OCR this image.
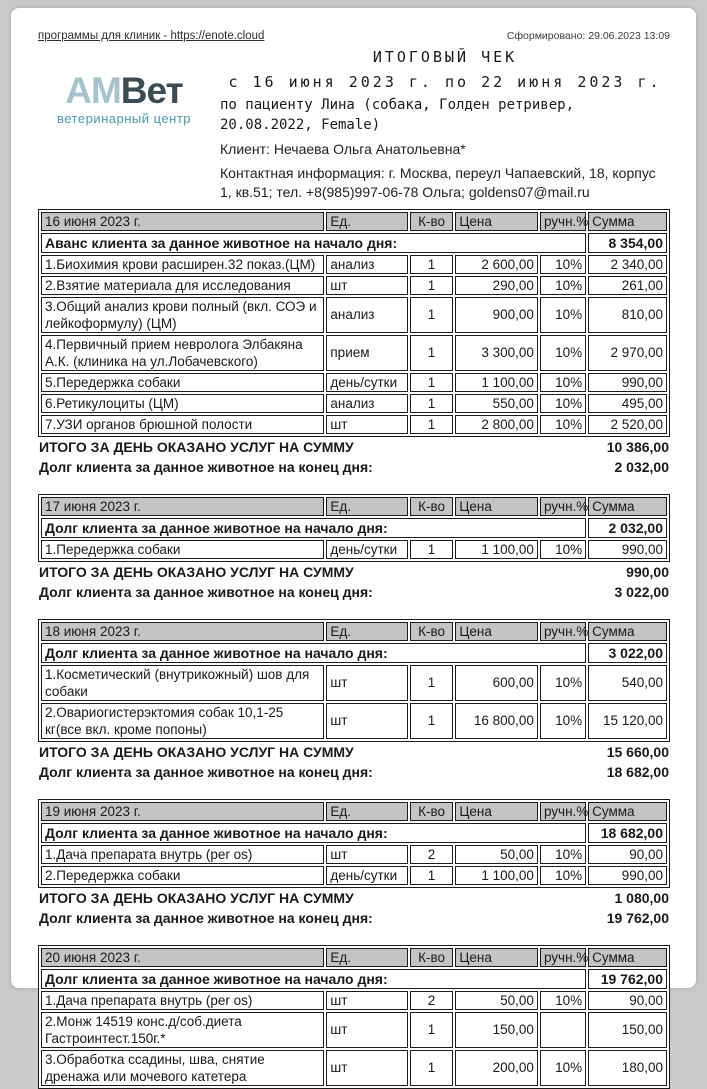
программы для клиник - https://enote.cloud	Сформировано: 29.06.2023 13:09
АМВет
ветеринарный центр
ИТОГОВЫЙ ЧЕК
с 16 июня 2023 г. по 22 июня 2023 г.
по пациенту Лина (собака, Голден ретривер, 20.08.2022, Female)
Клиент: Нечаева Ольга Анатольевна*
Контактная информация: г. Москва, переул Чапаевский, 18, корпус 1, кв.51; тел. +8(985)997-06-78 Ольга; goldens07@mail.ru
16 июня 2023 г.	Ед.	К-во	Цена	ручн.%	Сумма
Аванс клиента за данное животное на начало дня:					8 354,00
1.Биохимия крови расширен.32 показ.(ЦМ)	анализ	1	2 600,00	10%	2 340,00
2.Взятие материала для исследования	шт	1	290,00	10%	261,00
3.Общий анализ крови полный (вкл. СОЭ и лейкоформулу) (ЦМ)	анализ	1	900,00	10%	810,00
4.Первичный прием невролога Элбакяна А.К. (клиника на ул.Лобачевского)	прием	1	3 300,00	10%	2 970,00
5.Передержка собаки	день/сутки	1	1 100,00	10%	990,00
6.Ретикулоциты (ЦМ)	анализ	1	550,00	10%	495,00
7.УЗИ органов брюшной полости	шт	1	2 800,00	10%	2 520,00
ИТОГО ЗА ДЕНЬ ОКАЗАНО УСЛУГ НА СУММУ	10 386,00
Долг клиента за данное животное на конец дня:	2 032,00
17 июня 2023 г.	Ед.	К-во	Цена	ручн.%	Сумма
Долг клиента за данное животное на начало дня:					2 032,00
1.Передержка собаки	день/сутки	1	1 100,00	10%	990,00
ИТОГО ЗА ДЕНЬ ОКАЗАНО УСЛУГ НА СУММУ	990,00
Долг клиента за данное животное на конец дня:	3 022,00
18 июня 2023 г.	Ед.	К-во	Цена	ручн.%	Сумма
Долг клиента за данное животное на начало дня:					3 022,00
1.Косметический (внутрикожный) шов для собаки	шт	1	600,00	10%	540,00
2.Овариогистерэктомия собак 10,1-25 кг(все вкл. кроме попоны)	шт	1	16 800,00	10%	15 120,00
ИТОГО ЗА ДЕНЬ ОКАЗАНО УСЛУГ НА СУММУ	15 660,00
Долг клиента за данное животное на конец дня:	18 682,00
19 июня 2023 г.	Ед.	К-во	Цена	ручн.%	Сумма
Долг клиента за данное животное на начало дня:					18 682,00
1.Дача препарата внутрь (per os)	шт	2	50,00	10%	90,00
2.Передержка собаки	день/сутки	1	1 100,00	10%	990,00
ИТОГО ЗА ДЕНЬ ОКАЗАНО УСЛУГ НА СУММУ	1 080,00
Долг клиента за данное животное на конец дня:	19 762,00
20 июня 2023 г.	Ед.	К-во	Цена	ручн.%	Сумма
Долг клиента за данное животное на начало дня:					19 762,00
1.Дача препарата внутрь (per os)	шт	2	50,00	10%	90,00
2.Монж 14519 конс.д/соб.диета Гастроинтест.150г.*	шт	1	150,00		150,00
3.Обработка ссадины, шва, снятие дренажа или мочевого катетера	шт	1	200,00	10%	180,00
